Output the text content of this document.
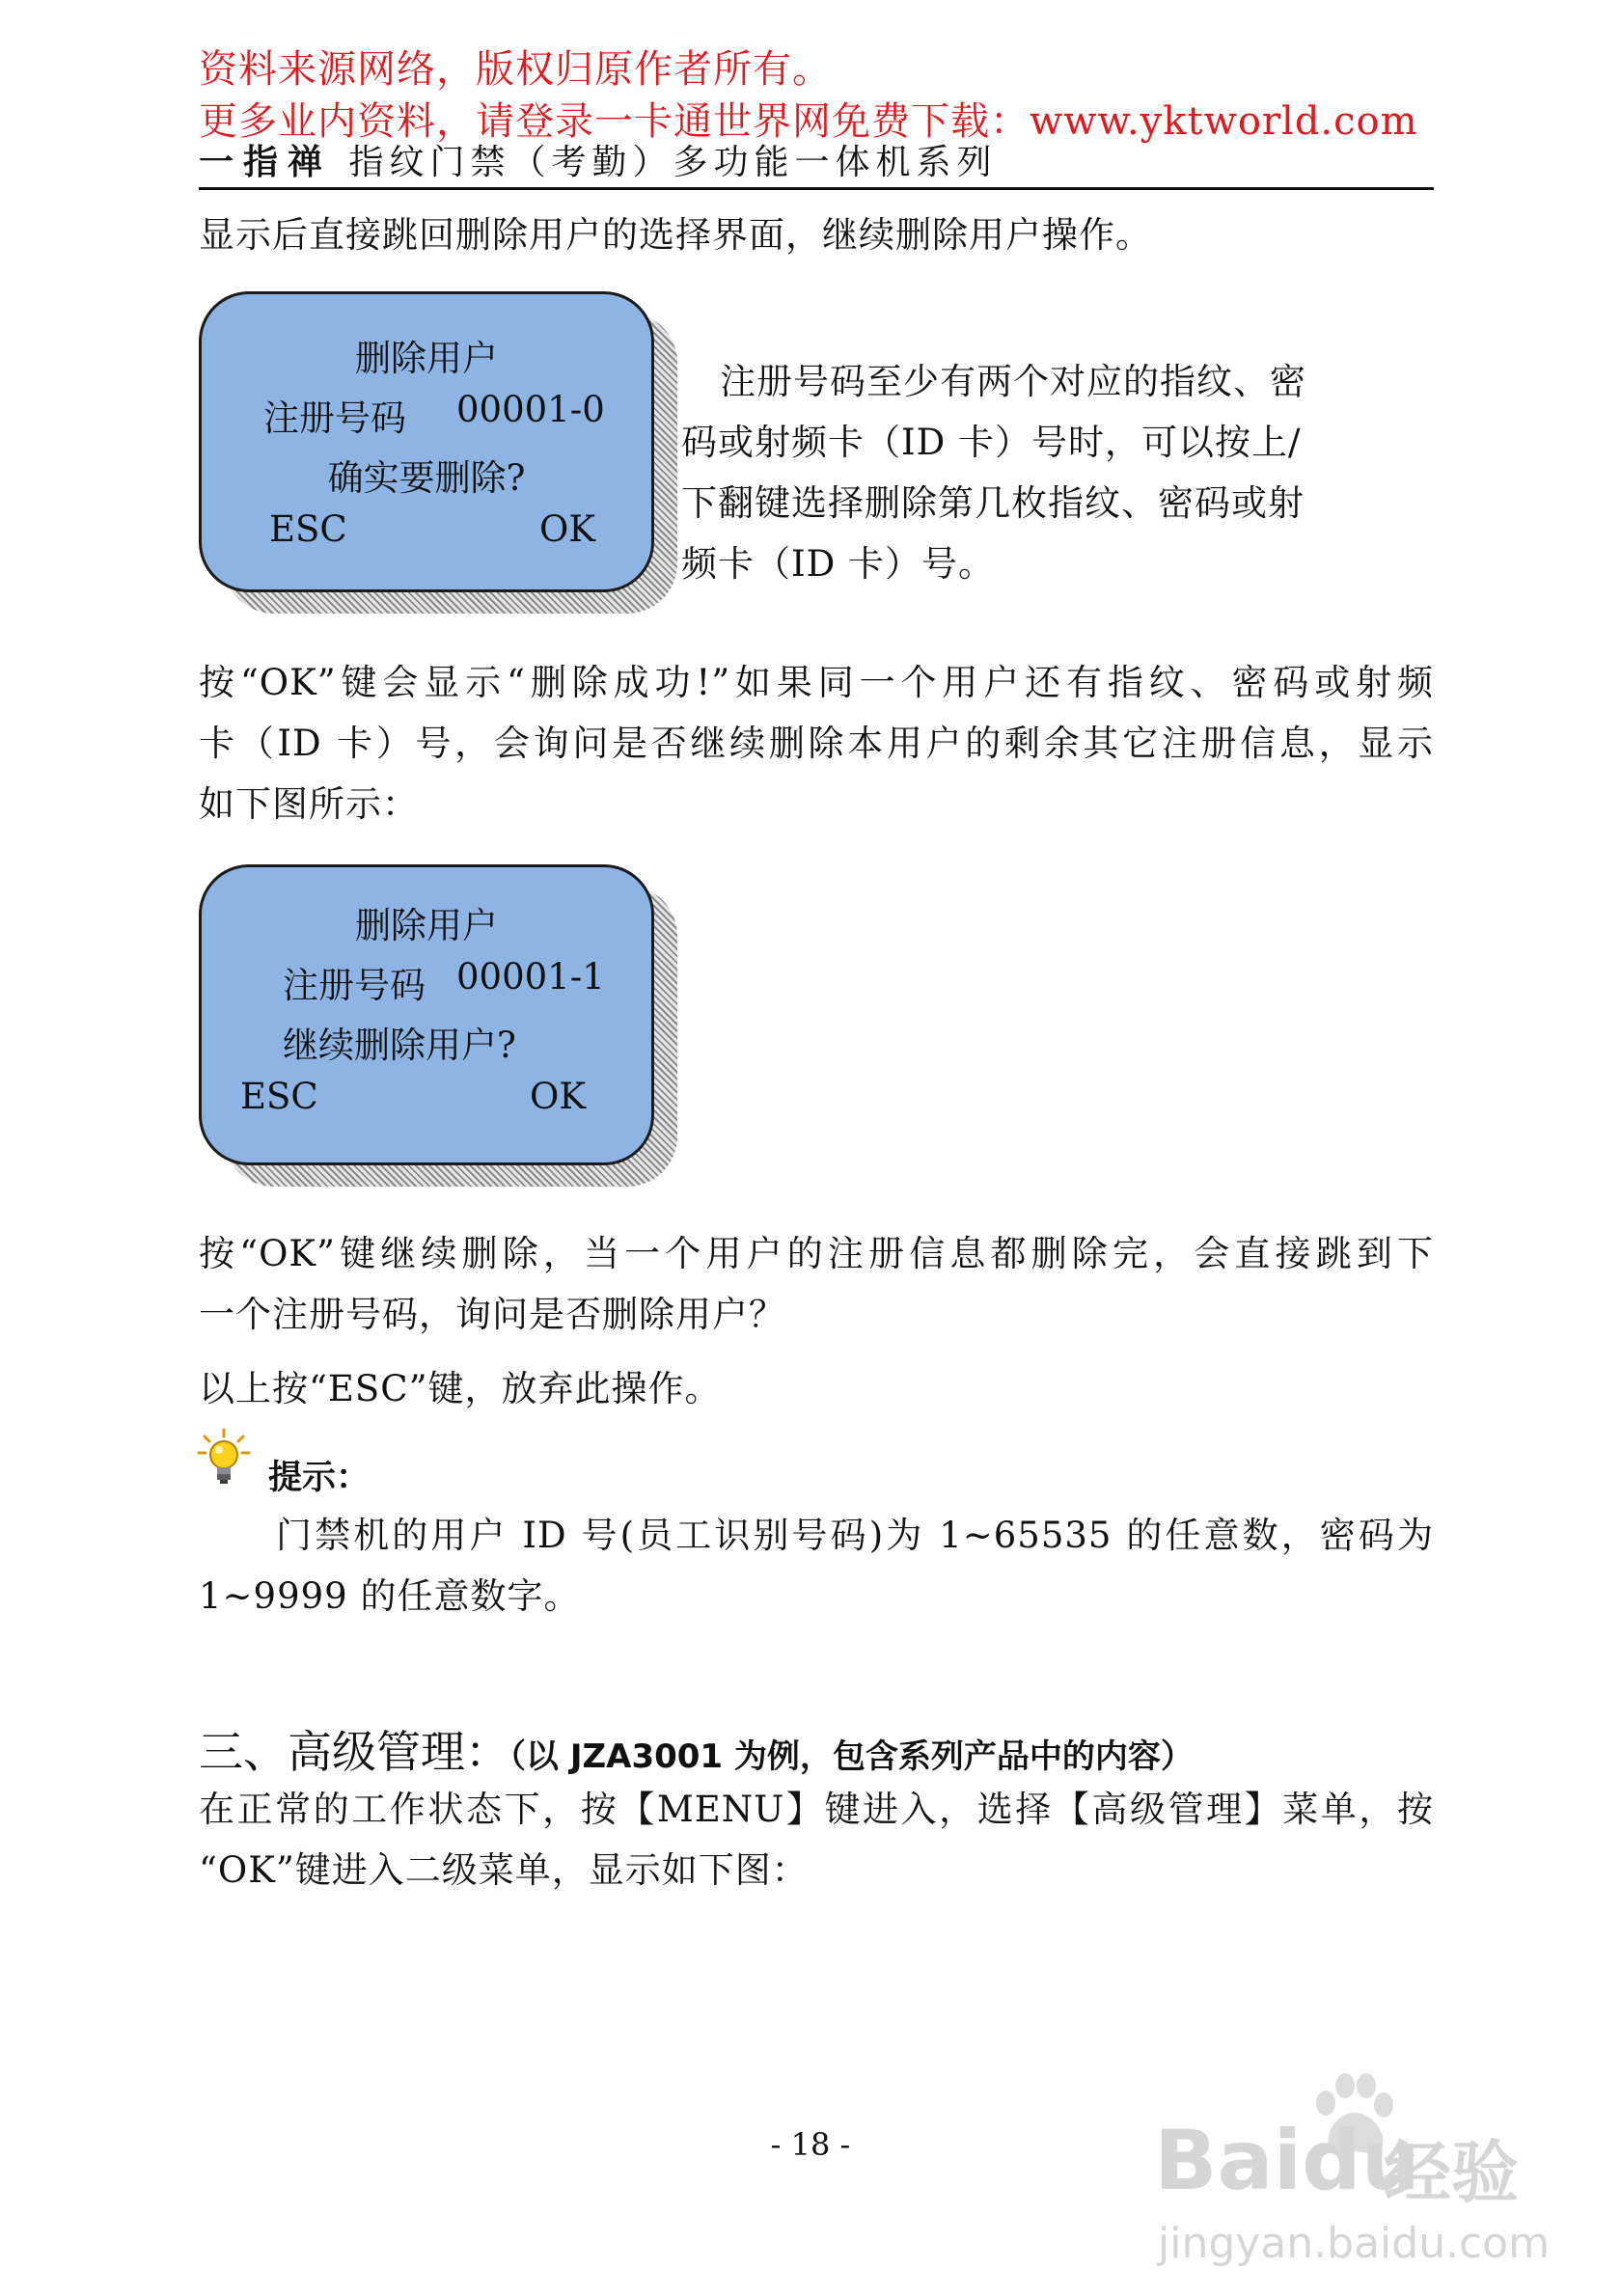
资料来源网络，版权归原作者所有。
更多业内资料，请登录一卡通世界网免费下载：www.yktworld.com
一指禅 指纹门禁（考勤）多功能一体机系列
显示后直接跳回删除用户的选择界面，继续删除用户操作。
删除用户
注册号码 00001-0
确实要删除?
ESC	OK
注册号码至少有两个对应的指纹、密
码或射频卡（ID 卡）号时，可以按上/
下翻键选择删除第几枚指纹、密码或射
频卡（ID 卡）号。
按“OK”键会显示“删除成功!”如果同一个用户还有指纹、密码或射频
卡（ID 卡）号，会询问是否继续删除本用户的剩余其它注册信息，显示
如下图所示：
删除用户
注册号码 00001-1
继续删除用户?
ESC	OK
按“OK”键继续删除，当一个用户的注册信息都删除完，会直接跳到下
一个注册号码，询问是否删除用户？
以上按“ESC”键，放弃此操作。
提示：
门禁机的用户 ID 号(员工识别号码)为 1~65535 的任意数，密码为
1~9999 的任意数字。
三、高级管理：（以 JZA3001 为例，包含系列产品中的内容）
在正常的工作状态下，按【MENU】键进入，选择【高级管理】菜单，按
“OK”键进入二级菜单，显示如下图：
- 18 -	Baidu
经验
jingyan.baidu.com
